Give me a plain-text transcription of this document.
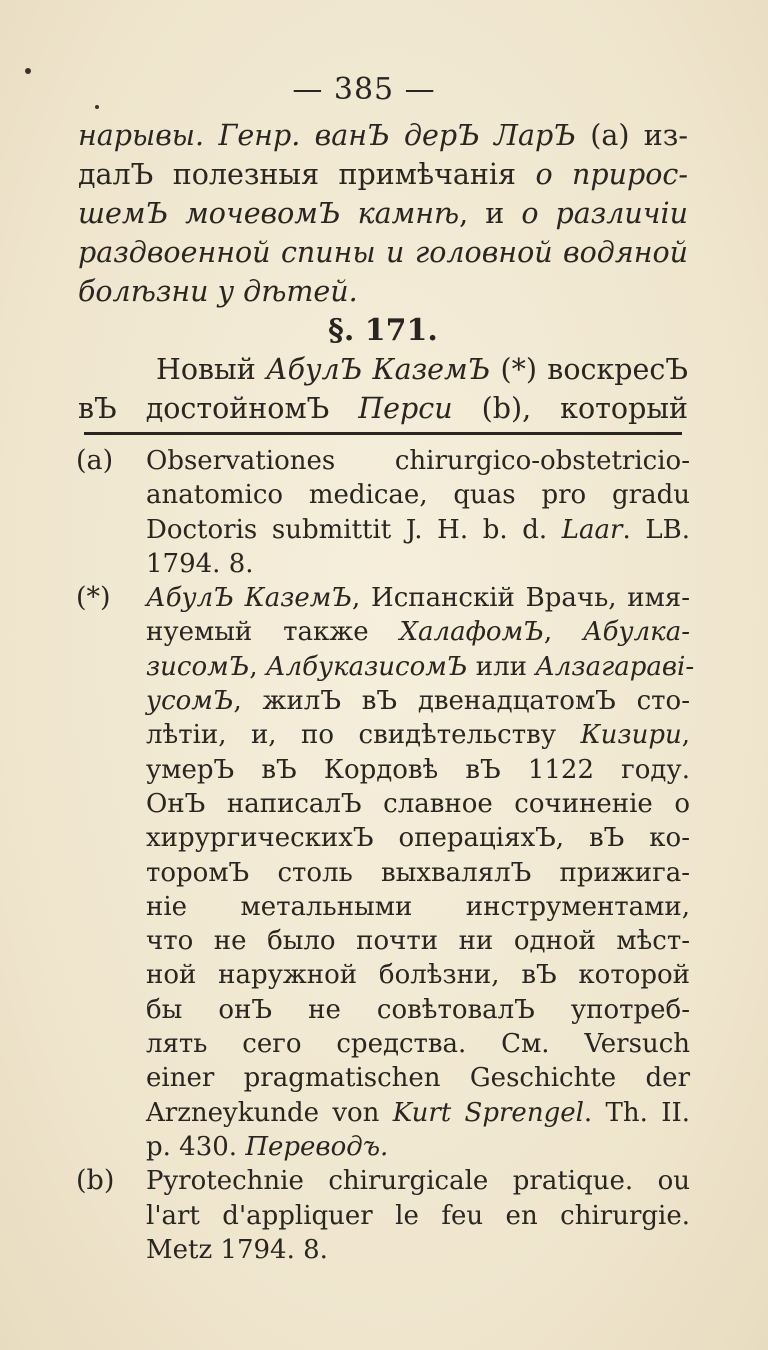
— 385 —
нарывы. Генр. ванЪ дерЪ ЛарЪ (а) из-
далЪ полезныя примѣчанія о прирос-
шемЪ мочевомЪ камнѣ, и о различіи
раздвоенной спины и головной водяной
болѣзни у дѣтей.
§. 171.
Новый АбулЪ КаземЪ (*) воскресЪ
вЪ достойномЪ Перси (b), который
(a) Observationes chirurgico-obstetricio-
anatomico medicae, quas pro gradu
Doctoris submittit J. H. b. d. Laar. LB.
1794. 8.
(*) АбулЪ КаземЪ, Испанскій Врачь, имя-
нуемый также ХалафомЪ, Абулка-
зисомЪ, АлбуказисомЪ или Алзагараві-
усомЪ, жилЪ вЪ двенадцатомЪ сто-
лѣтіи, и, по свидѣтельству Кизири,
умерЪ вЪ Кордовѣ вЪ 1122 году.
ОнЪ написалЪ славное сочиненіе о
хирургическихЪ операціяхЪ, вЪ ко-
торомЪ столь выхвалялЪ прижига-
ніе метальными инструментами,
что не было почти ни одной мѣст-
ной наружной болѣзни, вЪ которой
бы онЪ не совѣтовалЪ употреб-
лять сего средства. См. Versuch
einer pragmatischen Geschichte der
Arzneykunde von Kurt Sprengel. Th. II.
p. 430. Переводъ.
(b) Pyrotechnie chirurgicale pratique. ou
l'art d'appliquer le feu en chirurgie.
Metz 1794. 8.
